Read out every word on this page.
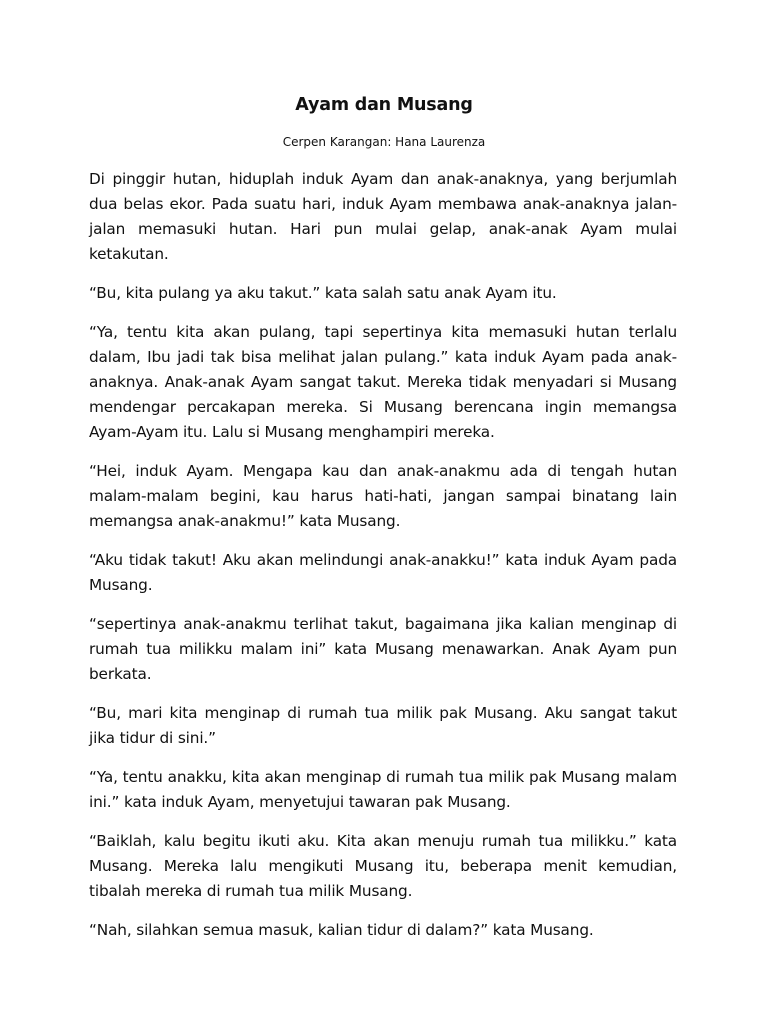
Ayam dan Musang
Cerpen Karangan: Hana Laurenza

Di pinggir hutan, hiduplah induk Ayam dan anak-anaknya, yang berjumlah dua belas ekor. Pada suatu hari, induk Ayam membawa anak-anaknya jalan-jalan memasuki hutan. Hari pun mulai gelap, anak-anak Ayam mulai ketakutan.

“Bu, kita pulang ya aku takut.” kata salah satu anak Ayam itu.

“Ya, tentu kita akan pulang, tapi sepertinya kita memasuki hutan terlalu dalam, Ibu jadi tak bisa melihat jalan pulang.” kata induk Ayam pada anak-anaknya. Anak-anak Ayam sangat takut. Mereka tidak menyadari si Musang mendengar percakapan mereka. Si Musang berencana ingin memangsa Ayam-Ayam itu. Lalu si Musang menghampiri mereka.

“Hei, induk Ayam. Mengapa kau dan anak-anakmu ada di tengah hutan malam-malam begini, kau harus hati-hati, jangan sampai binatang lain memangsa anak-anakmu!” kata Musang.

“Aku tidak takut! Aku akan melindungi anak-anakku!” kata induk Ayam pada Musang.

“sepertinya anak-anakmu terlihat takut, bagaimana jika kalian menginap di rumah tua milikku malam ini” kata Musang menawarkan. Anak Ayam pun berkata.

“Bu, mari kita menginap di rumah tua milik pak Musang. Aku sangat takut jika tidur di sini.”

“Ya, tentu anakku, kita akan menginap di rumah tua milik pak Musang malam ini.” kata induk Ayam, menyetujui tawaran pak Musang.

“Baiklah, kalu begitu ikuti aku. Kita akan menuju rumah tua milikku.” kata Musang. Mereka lalu mengikuti Musang itu, beberapa menit kemudian, tibalah mereka di rumah tua milik Musang.

“Nah, silahkan semua masuk, kalian tidur di dalam?” kata Musang.
